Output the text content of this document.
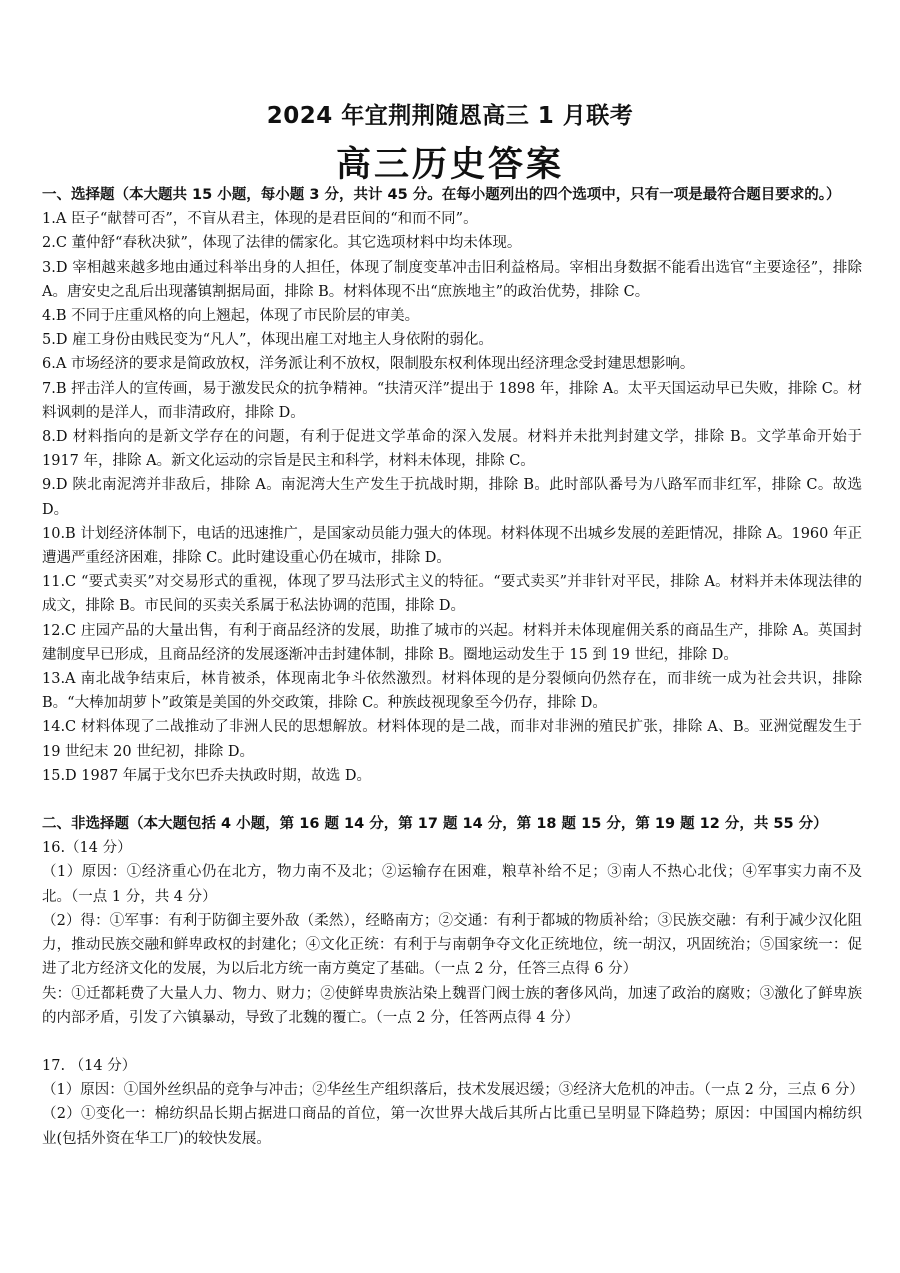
2024 年宜荆荆随恩高三 1 月联考
高三历史答案
一、选择题（本大题共 15 小题，每小题 3 分，共计 45 分。在每小题列出的四个选项中，只有一项是最符合题目要求的。）

1.A 臣子“献替可否”，不盲从君主，体现的是君臣间的“和而不同”。

2.C 董仲舒“春秋决狱”，体现了法律的儒家化。其它选项材料中均未体现。

3.D 宰相越来越多地由通过科举出身的人担任，体现了制度变革冲击旧利益格局。宰相出身数据不能看出选官“主要途径”，排除 A。唐安史之乱后出现藩镇割据局面，排除 B。材料体现不出“庶族地主”的政治优势，排除 C。

4.B 不同于庄重风格的向上翘起，体现了市民阶层的审美。

5.D 雇工身份由贱民变为“凡人”，体现出雇工对地主人身依附的弱化。

6.A 市场经济的要求是简政放权，洋务派让利不放权，限制股东权利体现出经济理念受封建思想影响。

7.B 抨击洋人的宣传画，易于激发民众的抗争精神。“扶清灭洋”提出于 1898 年，排除 A。太平天国运动早已失败，排除 C。材料讽刺的是洋人，而非清政府，排除 D。

8.D 材料指向的是新文学存在的问题，有利于促进文学革命的深入发展。材料并未批判封建文学，排除 B。文学革命开始于 1917 年，排除 A。新文化运动的宗旨是民主和科学，材料未体现，排除 C。

9.D 陕北南泥湾并非敌后，排除 A。南泥湾大生产发生于抗战时期，排除 B。此时部队番号为八路军而非红军，排除 C。故选 D。

10.B 计划经济体制下，电话的迅速推广，是国家动员能力强大的体现。材料体现不出城乡发展的差距情况，排除 A。1960 年正遭遇严重经济困难，排除 C。此时建设重心仍在城市，排除 D。

11.C “要式卖买”对交易形式的重视，体现了罗马法形式主义的特征。“要式卖买”并非针对平民，排除 A。材料并未体现法律的成文，排除 B。市民间的买卖关系属于私法协调的范围，排除 D。

12.C 庄园产品的大量出售，有利于商品经济的发展，助推了城市的兴起。材料并未体现雇佣关系的商品生产，排除 A。英国封建制度早已形成，且商品经济的发展逐渐冲击封建体制，排除 B。圈地运动发生于 15 到 19 世纪，排除 D。

13.A 南北战争结束后，林肯被杀，体现南北争斗依然激烈。材料体现的是分裂倾向仍然存在，而非统一成为社会共识，排除 B。“大棒加胡萝卜”政策是美国的外交政策，排除 C。种族歧视现象至今仍存，排除 D。

14.C 材料体现了二战推动了非洲人民的思想解放。材料体现的是二战，而非对非洲的殖民扩张，排除 A、B。亚洲觉醒发生于 19 世纪末 20 世纪初，排除 D。

15.D 1987 年属于戈尔巴乔夫执政时期，故选 D。

二、非选择题（本大题包括 4 小题，第 16 题 14 分，第 17 题 14 分，第 18 题 15 分，第 19 题 12 分，共 55 分）

16.（14 分）

（1）原因：①经济重心仍在北方，物力南不及北；②运输存在困难，粮草补给不足；③南人不热心北伐；④军事实力南不及北。（一点 1 分，共 4 分）

（2）得：①军事：有利于防御主要外敌（柔然），经略南方；②交通：有利于都城的物质补给；③民族交融：有利于减少汉化阻力，推动民族交融和鲜卑政权的封建化；④文化正统：有利于与南朝争夺文化正统地位，统一胡汉，巩固统治；⑤国家统一：促进了北方经济文化的发展，为以后北方统一南方奠定了基础。（一点 2 分，任答三点得 6 分）

失：①迁都耗费了大量人力、物力、财力；②使鲜卑贵族沾染上魏晋门阀士族的奢侈风尚，加速了政治的腐败；③激化了鲜卑族的内部矛盾，引发了六镇暴动，导致了北魏的覆亡。（一点 2 分，任答两点得 4 分）

17. （14 分）

（1）原因：①国外丝织品的竞争与冲击；②华丝生产组织落后，技术发展迟缓；③经济大危机的冲击。（一点 2 分，三点 6 分）

（2）①变化一：棉纺织品长期占据进口商品的首位，第一次世界大战后其所占比重已呈明显下降趋势；原因：中国国内棉纺织业(包括外资在华工厂)的较快发展。
